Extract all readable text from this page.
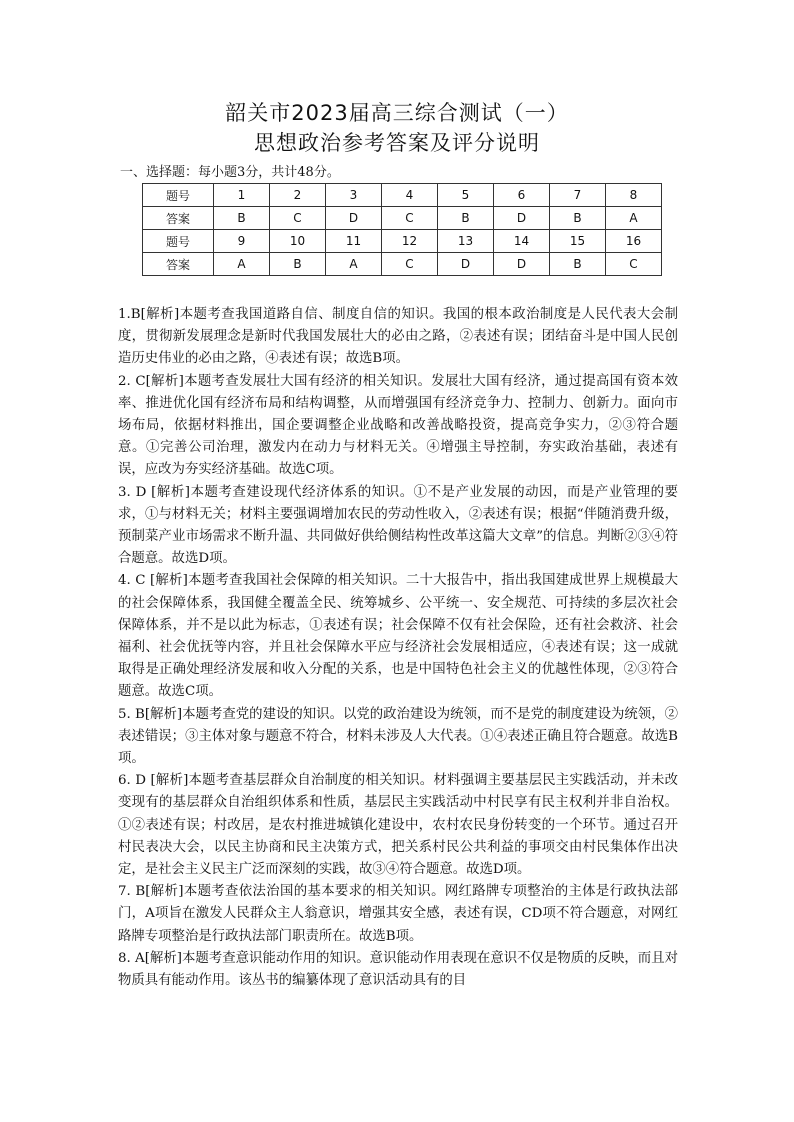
韶关市2023届高三综合测试（一）
思想政治参考答案及评分说明
一、选择题：每小题3分，共计48分。
题号	1	2	3	4	5	6	7	8
答案	B	C	D	C	B	D	B	A
题号	9	10	11	12	13	14	15	16
答案	A	B	A	C	D	D	B	C

1.B[解析]本题考查我国道路自信、制度自信的知识。我国的根本政治制度是人民代表大会制度，贯彻新发展理念是新时代我国发展壮大的必由之路，②表述有误；团结奋斗是中国人民创造历史伟业的必由之路，④表述有误；故选B项。

2. C[解析]本题考查发展壮大国有经济的相关知识。发展壮大国有经济，通过提高国有资本效率、推进优化国有经济布局和结构调整，从而增强国有经济竞争力、控制力、创新力。面向市场布局，依据材料推出，国企要调整企业战略和改善战略投资，提高竞争实力，②③符合题意。①完善公司治理，激发内在动力与材料无关。④增强主导控制，夯实政治基础，表述有误，应改为夯实经济基础。故选C项。

3. D [解析]本题考查建设现代经济体系的知识。①不是产业发展的动因，而是产业管理的要求，①与材料无关；材料主要强调增加农民的劳动性收入，②表述有误；根据“伴随消费升级，预制菜产业市场需求不断升温、共同做好供给侧结构性改革这篇大文章”的信息。判断②③④符合题意。故选D项。

4. C [解析]本题考查我国社会保障的相关知识。二十大报告中，指出我国建成世界上规模最大的社会保障体系，我国健全覆盖全民、统筹城乡、公平统一、安全规范、可持续的多层次社会保障体系，并不是以此为标志，①表述有误；社会保障不仅有社会保险，还有社会救济、社会福利、社会优抚等内容，并且社会保障水平应与经济社会发展相适应，④表述有误；这一成就取得是正确处理经济发展和收入分配的关系，也是中国特色社会主义的优越性体现，②③符合题意。故选C项。

5. B[解析]本题考查党的建设的知识。以党的政治建设为统领，而不是党的制度建设为统领，②表述错误；③主体对象与题意不符合，材料未涉及人大代表。①④表述正确且符合题意。故选B项。

6. D [解析]本题考查基层群众自治制度的相关知识。材料强调主要基层民主实践活动，并未改变现有的基层群众自治组织体系和性质，基层民主实践活动中村民享有民主权利并非自治权。①②表述有误；村改居，是农村推进城镇化建设中，农村农民身份转变的一个环节。通过召开村民表决大会，以民主协商和民主决策方式，把关系村民公共利益的事项交由村民集体作出决定，是社会主义民主广泛而深刻的实践，故③④符合题意。故选D项。

7. B[解析]本题考查依法治国的基本要求的相关知识。网红路牌专项整治的主体是行政执法部门，A项旨在激发人民群众主人翁意识，增强其安全感，表述有误，CD项不符合题意，对网红路牌专项整治是行政执法部门职责所在。故选B项。

8. A[解析]本题考查意识能动作用的知识。意识能动作用表现在意识不仅是物质的反映，而且对物质具有能动作用。该丛书的编纂体现了意识活动具有的目
